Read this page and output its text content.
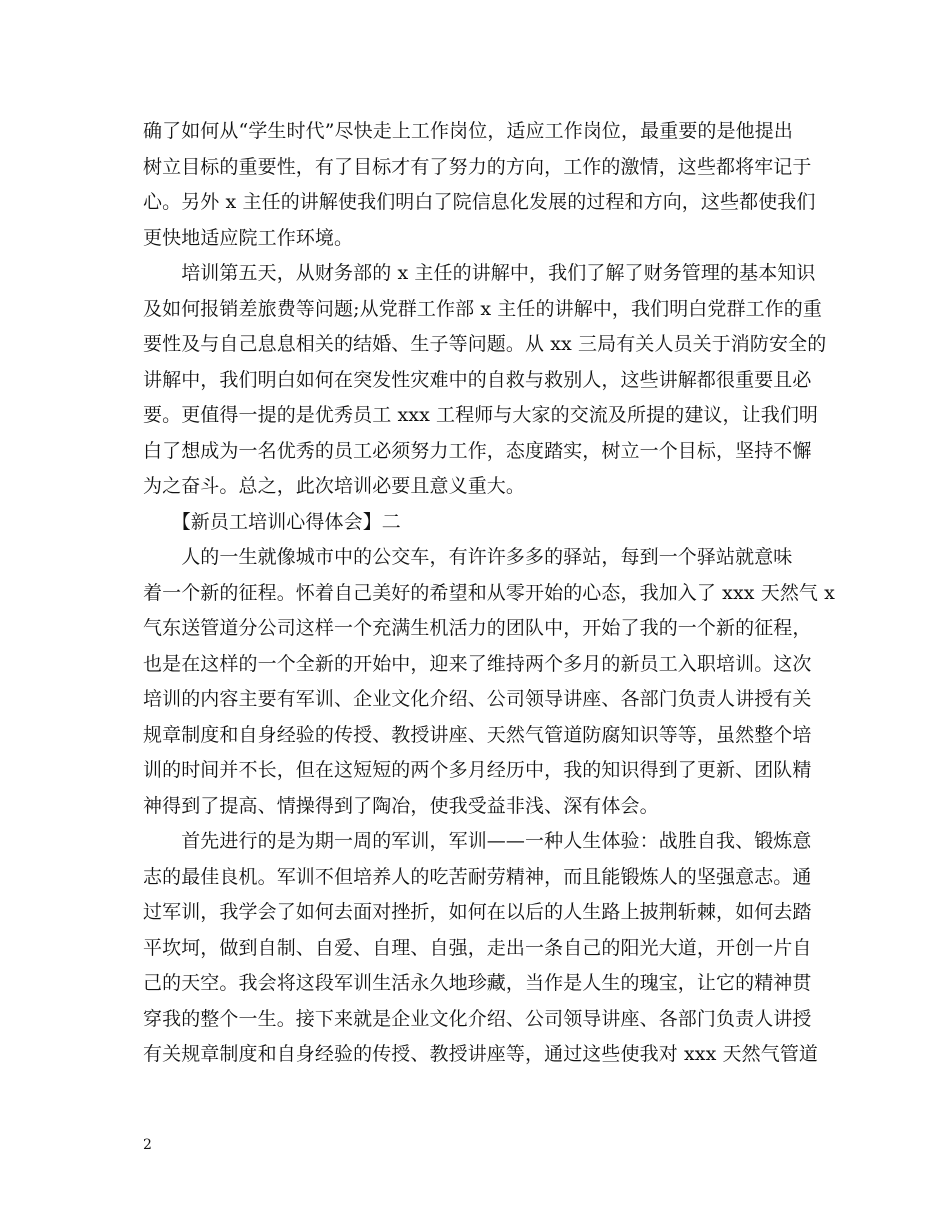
确了如何从“学生时代”尽快走上工作岗位，适应工作岗位，最重要的是他提出
树立目标的重要性，有了目标才有了努力的方向，工作的激情，这些都将牢记于
心。另外 x 主任的讲解使我们明白了院信息化发展的过程和方向，这些都使我们
更快地适应院工作环境。
　　培训第五天，从财务部的 x 主任的讲解中，我们了解了财务管理的基本知识
及如何报销差旅费等问题;从党群工作部 x 主任的讲解中，我们明白党群工作的重
要性及与自己息息相关的结婚、生子等问题。从 xx 三局有关人员关于消防安全的
讲解中，我们明白如何在突发性灾难中的自救与救别人，这些讲解都很重要且必
要。更值得一提的是优秀员工 xxx 工程师与大家的交流及所提的建议，让我们明
白了想成为一名优秀的员工必须努力工作，态度踏实，树立一个目标，坚持不懈
为之奋斗。总之，此次培训必要且意义重大。
　　【新员工培训心得体会】二
　　人的一生就像城市中的公交车，有许许多多的驿站，每到一个驿站就意味
着一个新的征程。怀着自己美好的希望和从零开始的心态，我加入了 xxx 天然气 x
气东送管道分公司这样一个充满生机活力的团队中，开始了我的一个新的征程，
也是在这样的一个全新的开始中，迎来了维持两个多月的新员工入职培训。这次
培训的内容主要有军训、企业文化介绍、公司领导讲座、各部门负责人讲授有关
规章制度和自身经验的传授、教授讲座、天然气管道防腐知识等等，虽然整个培
训的时间并不长，但在这短短的两个多月经历中，我的知识得到了更新、团队精
神得到了提高、情操得到了陶冶，使我受益非浅、深有体会。
　　首先进行的是为期一周的军训，军训——一种人生体验：战胜自我、锻炼意
志的最佳良机。军训不但培养人的吃苦耐劳精神，而且能锻炼人的坚强意志。通
过军训，我学会了如何去面对挫折，如何在以后的人生路上披荆斩棘，如何去踏
平坎坷，做到自制、自爱、自理、自强，走出一条自己的阳光大道，开创一片自
己的天空。我会将这段军训生活永久地珍藏，当作是人生的瑰宝，让它的精神贯
穿我的整个一生。接下来就是企业文化介绍、公司领导讲座、各部门负责人讲授
有关规章制度和自身经验的传授、教授讲座等，通过这些使我对 xxx 天然气管道
2
